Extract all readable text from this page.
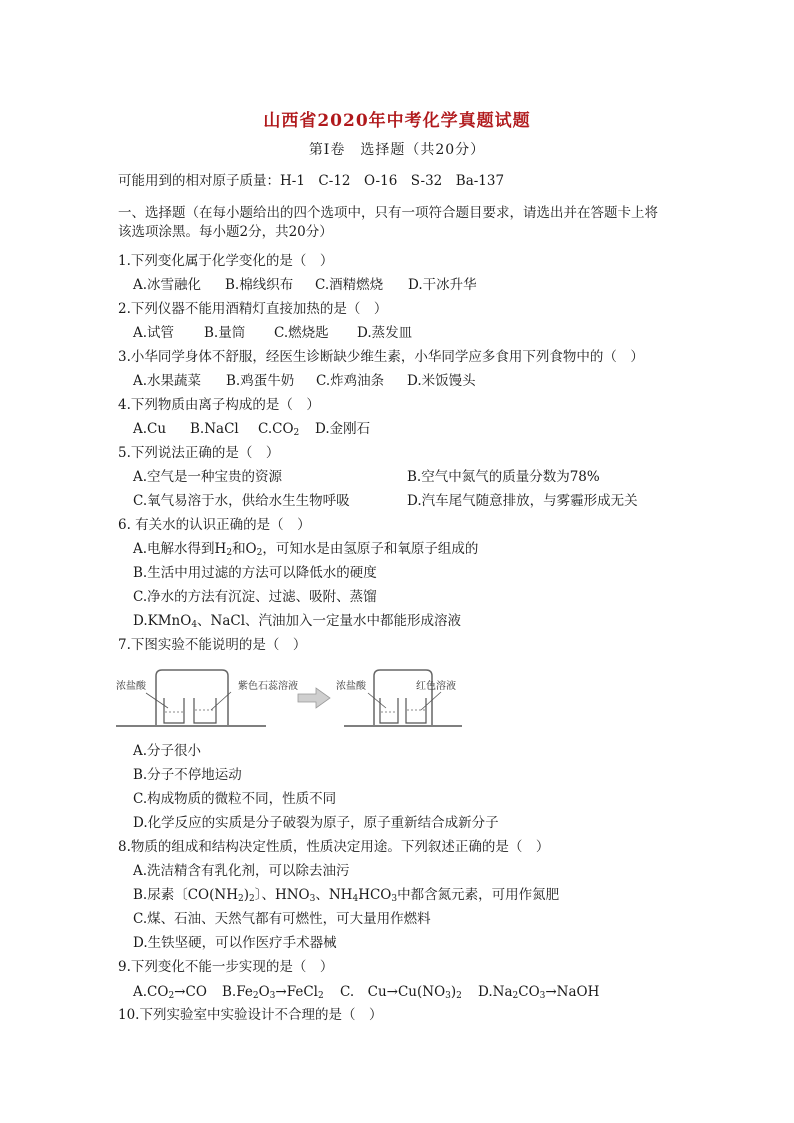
山西省2020年中考化学真题试题
第Ⅰ卷　选择题（共20分）
可能用到的相对原子质量：H-1　C-12　O-16　S-32　Ba-137
一、选择题（在每小题给出的四个选项中，只有一项符合题目要求，请选出并在答题卡上将
该选项涂黑。每小题2分，共20分）
1.下列变化属于化学变化的是（　）
A.冰雪融化 B.棉线织布 C.酒精燃烧 D.干冰升华
2.下列仪器不能用酒精灯直接加热的是（　）
A.试管 B.量筒 C.燃烧匙 D.蒸发皿
3.小华同学身体不舒服，经医生诊断缺少维生素，小华同学应多食用下列食物中的（　）
A.水果蔬菜 B.鸡蛋牛奶 C.炸鸡油条 D.米饭馒头
4.下列物质由离子构成的是（　）
A.Cu B.NaCl $C.CO_2$ D.金刚石
5.下列说法正确的是（　）
A.空气是一种宝贵的资源	B.空气中氮气的质量分数为78%
C.氧气易溶于水，供给水生生物呼吸	D.汽车尾气随意排放，与雾霾形成无关
6. 有关水的认识正确的是（　）
A.电解水得到$H_2$和$O_2$，可知水是由氢原子和氧原子组成的
B.生活中用过滤的方法可以降低水的硬度
C.净水的方法有沉淀、过滤、吸附、蒸馏
D.KMnO$_4$、NaCl、汽油加入一定量水中都能形成溶液
7.下图实验不能说明的是（　）
浓盐酸	紫色石蕊溶液	浓盐酸	红色溶液
A.分子很小
B.分子不停地运动
C.构成物质的微粒不同，性质不同
D.化学反应的实质是分子破裂为原子，原子重新结合成新分子
8.物质的组成和结构决定性质，性质决定用途。下列叙述正确的是（　）
A.洗洁精含有乳化剂，可以除去油污
B.尿素〔$CO(NH_2)_2$〕、$HNO_3$、$NH_4HCO_3$中都含氮元素，可用作氮肥
C.煤、石油、天然气都有可燃性，可大量用作燃料
D.生铁坚硬，可以作医疗手术器械
9.下列变化不能一步实现的是（　）
$A.CO_2\to CO$ $B.Fe_2O_3\to FeCl_2$ C.　$Cu\to Cu(NO_3)_2$ $D.Na_2CO_3\to NaOH$
10.下列实验室中实验设计不合理的是（　）
